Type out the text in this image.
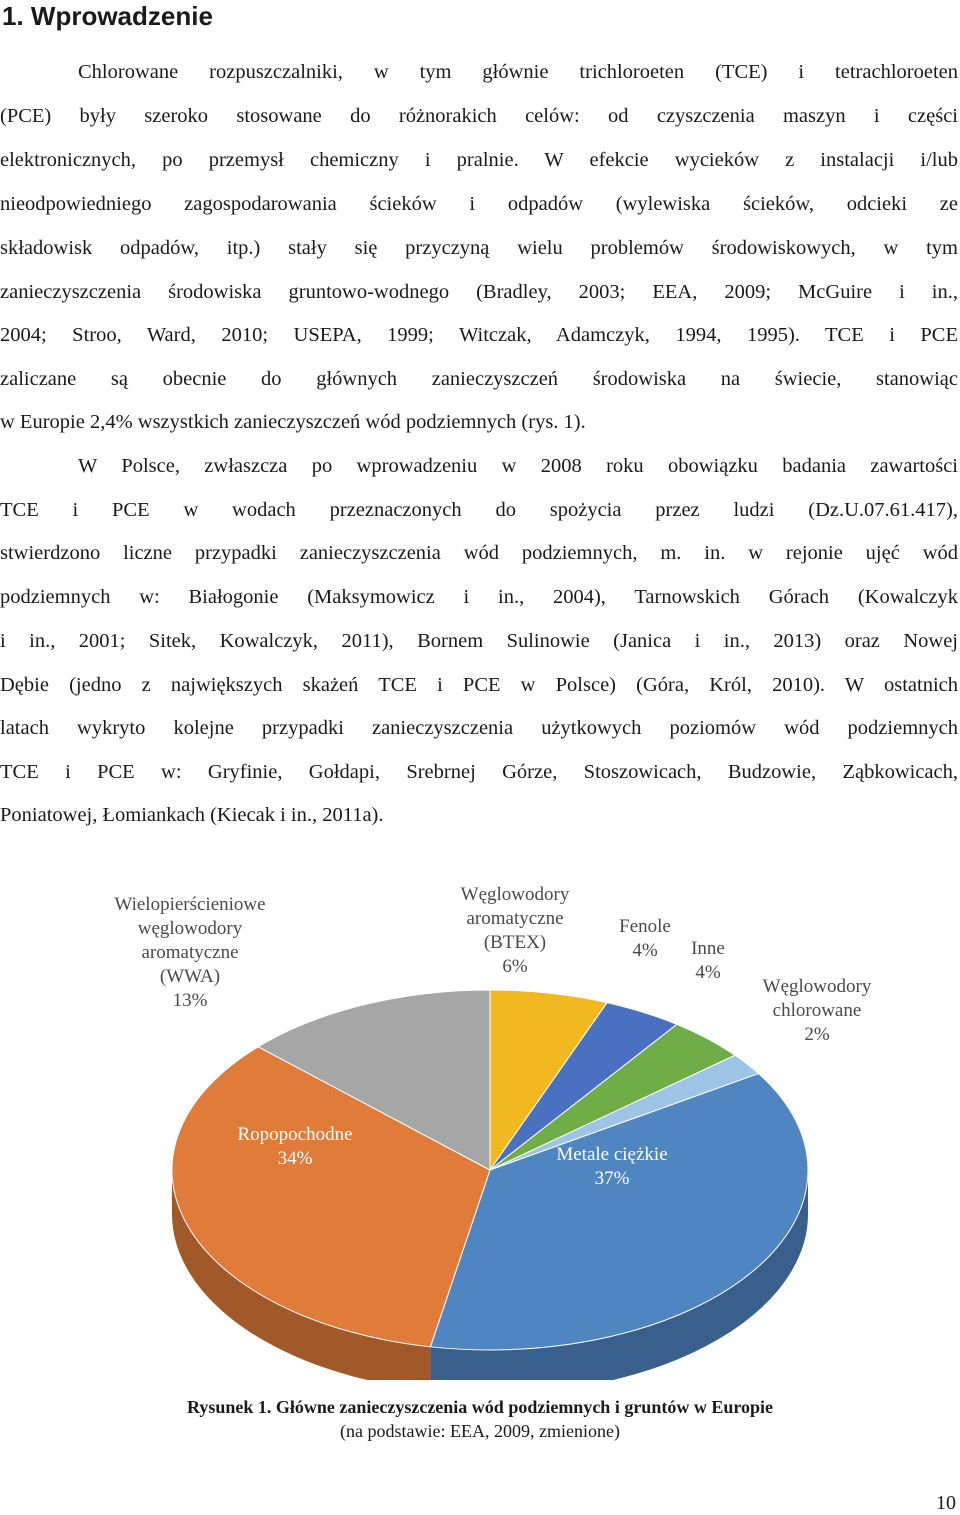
1. Wprowadzenie
Chlorowane rozpuszczalniki, w tym głównie trichloroeten (TCE) i tetrachloroeten
(PCE) były szeroko stosowane do różnorakich celów: od czyszczenia maszyn i części
elektronicznych, po przemysł chemiczny i pralnie. W efekcie wycieków z instalacji i/lub
nieodpowiedniego zagospodarowania ścieków i odpadów (wylewiska ścieków, odcieki ze
składowisk odpadów, itp.) stały się przyczyną wielu problemów środowiskowych, w tym
zanieczyszczenia środowiska gruntowo-wodnego (Bradley, 2003; EEA, 2009; McGuire i in.,
2004; Stroo, Ward, 2010; USEPA, 1999; Witczak, Adamczyk, 1994, 1995). TCE i PCE
zaliczane są obecnie do głównych zanieczyszczeń środowiska na świecie, stanowiąc
w Europie 2,4% wszystkich zanieczyszczeń wód podziemnych (rys. 1).
W Polsce, zwłaszcza po wprowadzeniu w 2008 roku obowiązku badania zawartości
TCE i PCE w wodach przeznaczonych do spożycia przez ludzi (Dz.U.07.61.417),
stwierdzono liczne przypadki zanieczyszczenia wód podziemnych, m. in. w rejonie ujęć wód
podziemnych w: Białogonie (Maksymowicz i in., 2004), Tarnowskich Górach (Kowalczyk
i in., 2001; Sitek, Kowalczyk, 2011), Bornem Sulinowie (Janica i in., 2013) oraz Nowej
Dębie (jedno z największych skażeń TCE i PCE w Polsce) (Góra, Król, 2010). W ostatnich
latach wykryto kolejne przypadki zanieczyszczenia użytkowych poziomów wód podziemnych
TCE i PCE w: Gryfinie, Gołdapi, Srebrnej Górze, Stoszowicach, Budzowie, Ząbkowicach,
Poniatowej, Łomiankach (Kiecak i in., 2011a).
Węglowodory
aromatyczne
(BTEX)
6%
Fenole
4% Inne
4%
Węglowodory
chlorowane
2%
Metale ciężkie
37%
Ropopochodne
34%
Wielopierścieniowe
węglowodory
aromatyczne
(WWA)
13%
Rysunek 1. Główne zanieczyszczenia wód podziemnych i gruntów w Europie
(na podstawie: EEA, 2009, zmienione)
10
